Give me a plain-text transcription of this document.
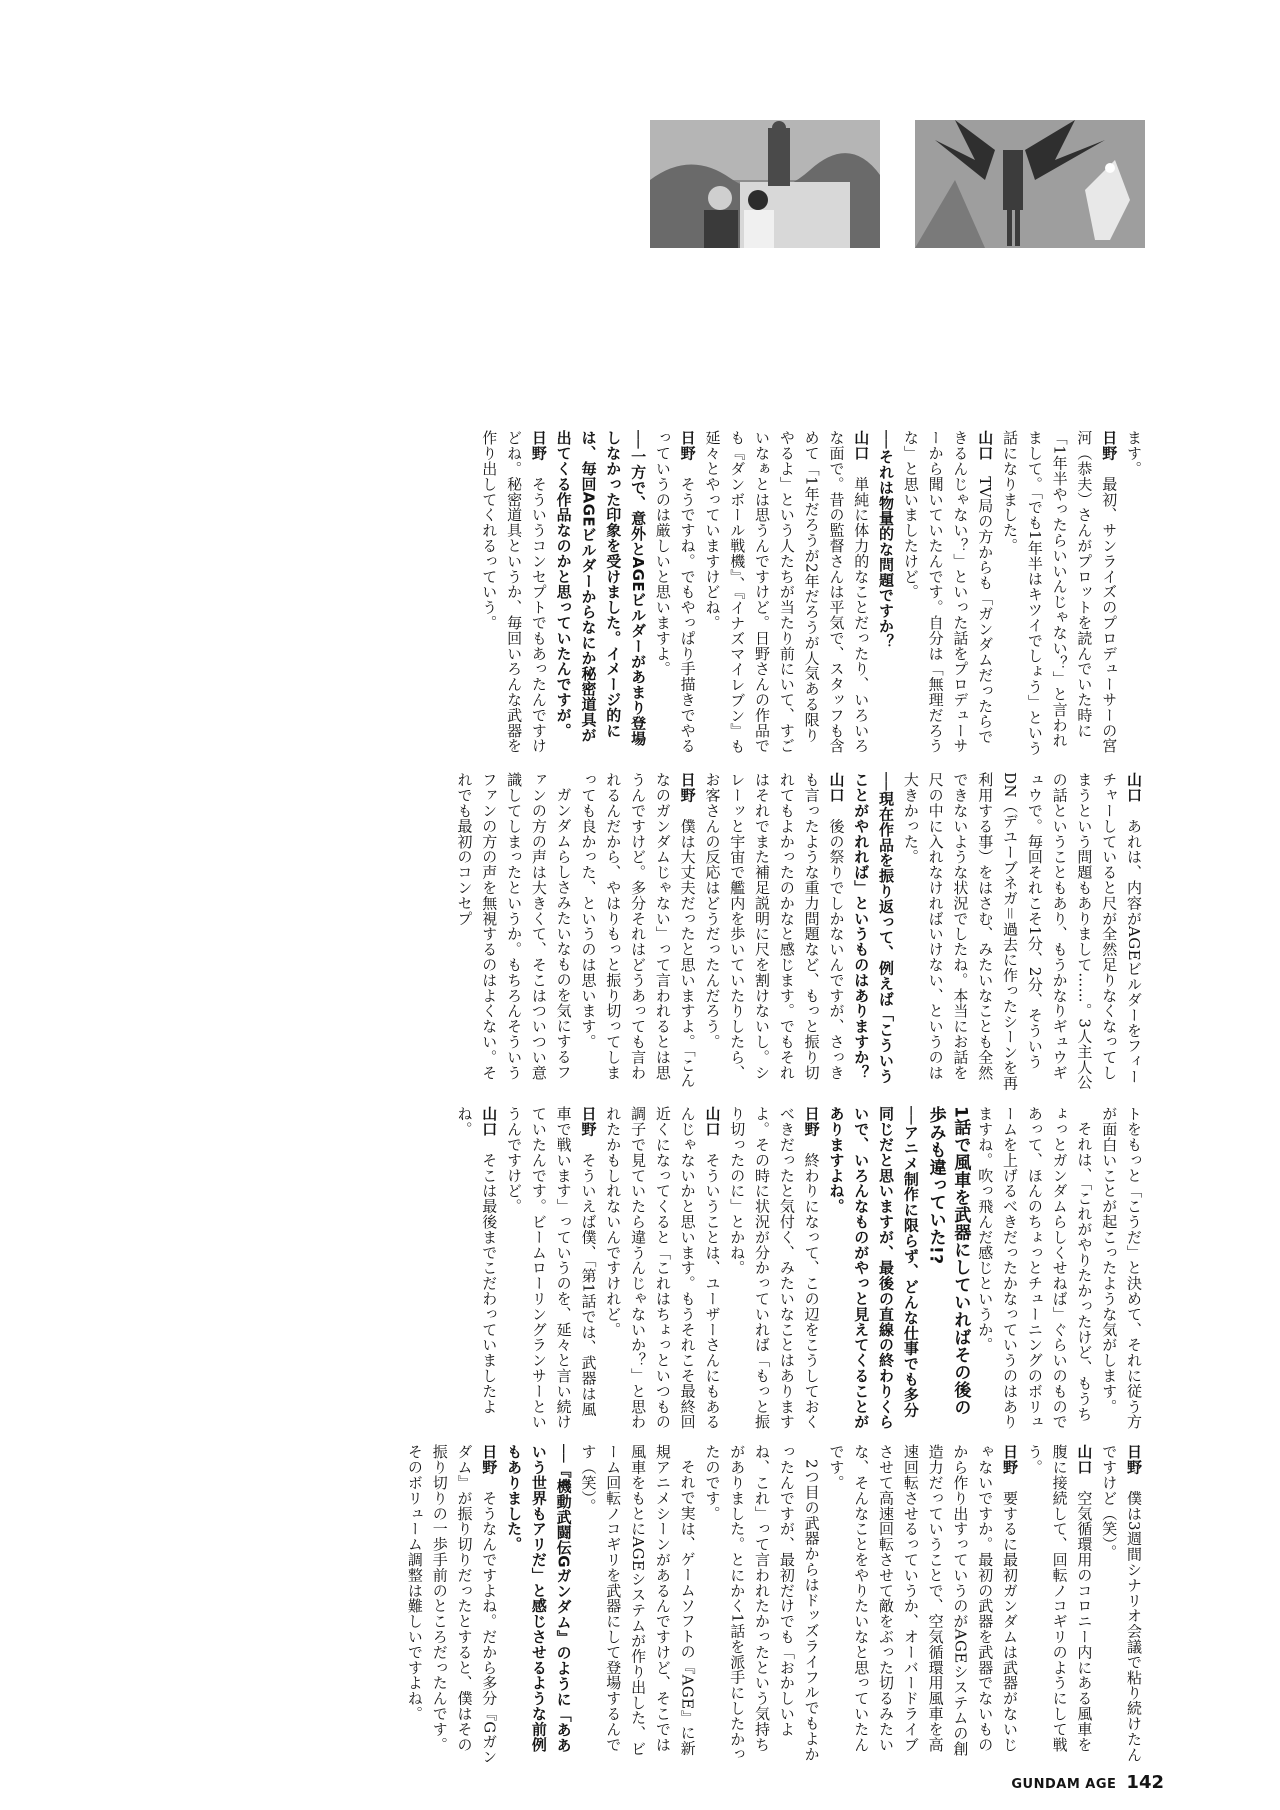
ます。

日野　最初、サンライズのプロデューサーの宮河（恭夫）さんがプロットを読んでいた時に「1年半やったらいいんじゃない？」と言われまして。「でも1年半はキツイでしょう」という話になりました。

山口　TV局の方からも「ガンダムだったらできるんじゃない？」といった話をプロデューサーから聞いていたんです。自分は「無理だろうな」と思いましたけど。

──それは物量的な問題ですか？

山口　単純に体力的なことだったり、いろいろな面で。昔の監督さんは平気で、スタッフも含めて「1年だろうが2年だろうが人気ある限りやるよ」という人たちが当たり前にいて、すごいなぁとは思うんですけど。日野さんの作品でも『ダンボール戦機』、『イナズマイレブン』も延々とやっていますけどね。

日野　そうですね。でもやっぱり手描きでやるっていうのは厳しいと思いますよ。

──一方で、意外とAGEビルダーがあまり登場しなかった印象を受けました。イメージ的には、毎回AGEビルダーからなにか秘密道具が出てくる作品なのかと思っていたんですが。

日野　そういうコンセプトでもあったんですけどね。秘密道具というか、毎回いろんな武器を作り出してくれるっていう。

山口　あれは、内容がAGEビルダーをフィーチャーしていると尺が全然足りなくなってしまうという問題もありまして……。3人主人公の話ということもあり、もうかなりギュウギュウで。毎回それこそ1分、2分、そういうDN（デユーブネガ＝過去に作ったシーンを再利用する事）をはさむ、みたいなことも全然できないような状況でしたね。本当にお話を尺の中に入れなければいけない、というのは大きかった。

──現在作品を振り返って、例えば「こういうことがやれれば」というものはありますか？

山口　後の祭りでしかないんですが、さっきも言ったような重力問題など、もっと振り切れてもよかったのかなと感じます。でもそれはそれでまた補足説明に尺を割けないし。シレーッと宇宙で艦内を歩いていたりしたら、お客さんの反応はどうだったんだろう。

日野　僕は大丈夫だったと思いますよ。「こんなのガンダムじゃない」って言われるとは思うんですけど。多分それはどうあっても言われるんだから、やはりもっと振り切ってしまっても良かった、というのは思います。

ガンダムらしさみたいなものを気にするファンの方の声は大きくて、そこはついつい意識してしまったというか。もちろんそういうファンの方の声を無視するのはよくない。それでも最初のコンセプ

トをもっと「こうだ」と決めて、それに従う方が面白いことが起こったような気がします。

それは、「これがやりたかったけど、もうちょっとガンダムらしくせねば」ぐらいのものであって、ほんのちょっとチューニングのボリュームを上げるべきだったかなっていうのはありますね。吹っ飛んだ感じというか。

1話で風車を武器にしていればその後の歩みも違っていた!?

──アニメ制作に限らず、どんな仕事でも多分同じだと思いますが、最後の直線の終わりくらいで、いろんなものがやっと見えてくることがありますよね。

日野　終わりになって、この辺をこうしておくべきだったと気付く、みたいなことはありますよ。その時に状況が分かっていれば「もっと振り切ったのに」とかね。

山口　そういうことは、ユーザーさんにもあるんじゃないかと思います。もうそれこそ最終回近くになってくると「これはちょっといつもの調子で見ていたら違うんじゃないか？」と思われたかもしれないんですけれど。

日野　そういえば僕、「第1話では、武器は風車で戦います」っていうのを、延々と言い続けていたんです。ビームローリングランサーというんですけど。

山口　そこは最後までこだわっていましたよね。

日野　僕は3週間シナリオ会議で粘り続けたんですけど（笑）。

山口　空気循環用のコロニー内にある風車を腹に接続して、回転ノコギリのようにして戦う。

日野　要するに最初ガンダムは武器がないじゃないですか。最初の武器を武器でないものから作り出すっていうのがAGEシステムの創造力だっていうことで、空気循環用風車を高速回転させるっていうか、オーバードライブさせて高速回転させて敵をぶった切るみたいな、そんなことをやりたいなと思っていたんです。

2つ目の武器からはドッズライフルでもよかったんですが、最初だけでも「おかしいよね、これ」って言われたかったという気持ちがありました。とにかく1話を派手にしたかったのです。

それで実は、ゲームソフトの『AGE』に新規アニメシーンがあるんですけど、そこでは風車をもとにAGEシステムが作り出した、ビーム回転ノコギリを武器にして登場するんです（笑）。

──『機動武闘伝Gガンダム』のように「ああいう世界もアリだ」と感じさせるような前例もありました。

日野　そうなんですよね。だから多分『Gガンダム』が振り切りだったとすると、僕はその振り切りの一歩手前のところだったんです。そのボリューム調整は難しいですよね。

GUNDAM AGE 142
